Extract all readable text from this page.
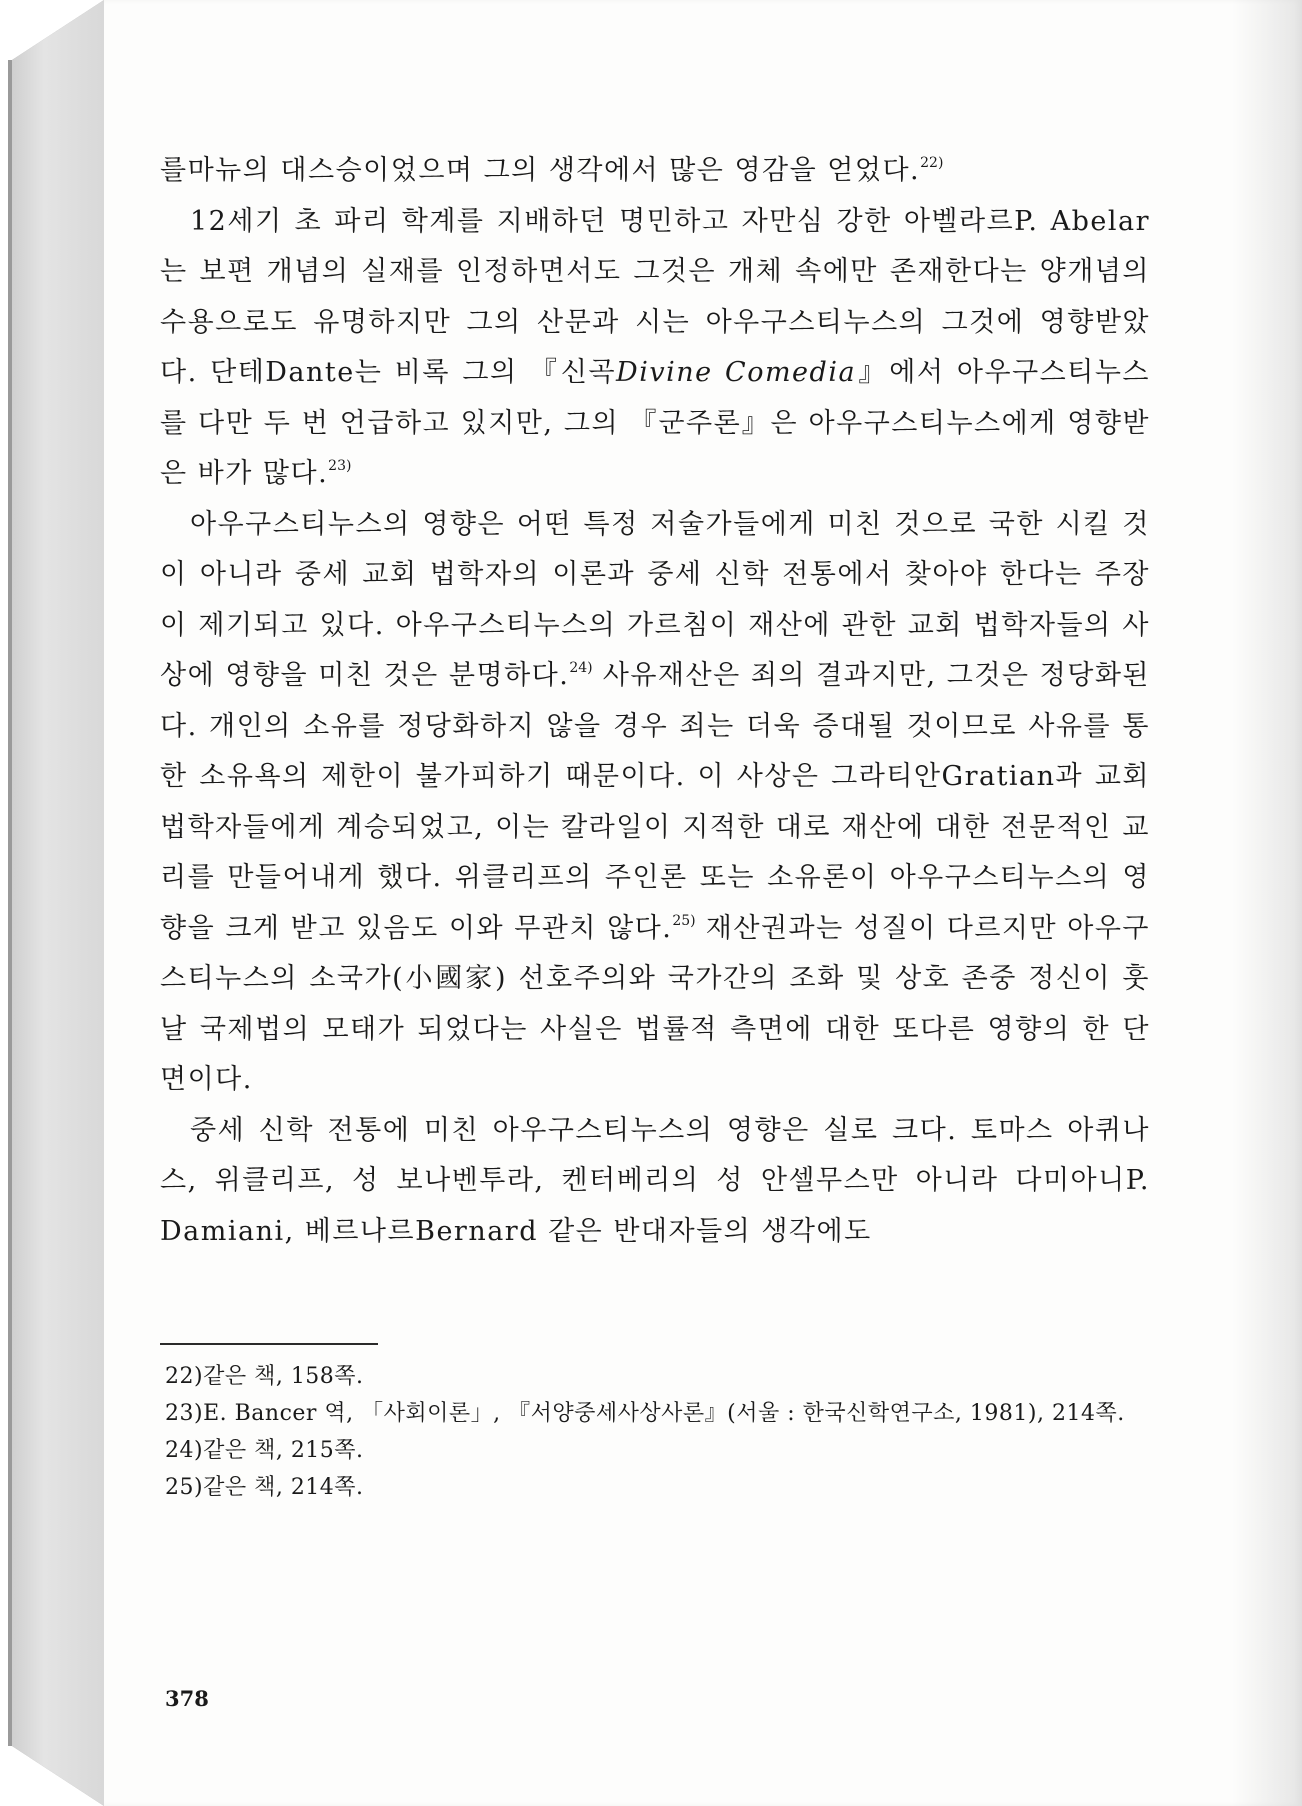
를마뉴의 대스승이었으며 그의 생각에서 많은 영감을 얻었다.$^{22)}$

12세기 초 파리 학계를 지배하던 명민하고 자만심 강한 아벨라르P. Abelar는 보편 개념의 실재를 인정하면서도 그것은 개체 속에만 존재한다는 양개념의 수용으로도 유명하지만 그의 산문과 시는 아우구스티누스의 그것에 영향받았다. 단테Dante는 비록 그의 『신곡Divine Comedia』에서 아우구스티누스를 다만 두 번 언급하고 있지만, 그의 『군주론』은 아우구스티누스에게 영향받은 바가 많다.$^{23)}$

아우구스티누스의 영향은 어떤 특정 저술가들에게 미친 것으로 국한 시킬 것이 아니라 중세 교회 법학자의 이론과 중세 신학 전통에서 찾아야 한다는 주장이 제기되고 있다. 아우구스티누스의 가르침이 재산에 관한 교회 법학자들의 사상에 영향을 미친 것은 분명하다.$^{24)}$ 사유재산은 죄의 결과지만, 그것은 정당화된다. 개인의 소유를 정당화하지 않을 경우 죄는 더욱 증대될 것이므로 사유를 통한 소유욕의 제한이 불가피하기 때문이다. 이 사상은 그라티안Gratian과 교회 법학자들에게 계승되었고, 이는 칼라일이 지적한 대로 재산에 대한 전문적인 교리를 만들어내게 했다. 위클리프의 주인론 또는 소유론이 아우구스티누스의 영향을 크게 받고 있음도 이와 무관치 않다.$^{25)}$ 재산권과는 성질이 다르지만 아우구스티누스의 소국가(小國家) 선호주의와 국가간의 조화 및 상호 존중 정신이 훗날 국제법의 모태가 되었다는 사실은 법률적 측면에 대한 또다른 영향의 한 단면이다.

중세 신학 전통에 미친 아우구스티누스의 영향은 실로 크다. 토마스 아퀴나스, 위클리프, 성 보나벤투라, 켄터베리의 성 안셀무스만 아니라 다미아니P. Damiani, 베르나르Bernard 같은 반대자들의 생각에도

22) 같은 책, 158쪽.
23) E. Bancer 역, 「사회이론」, 『서양중세사상사론』(서울 : 한국신학연구소, 1981), 214쪽.
24) 같은 책, 215쪽.
25) 같은 책, 214쪽.
378
